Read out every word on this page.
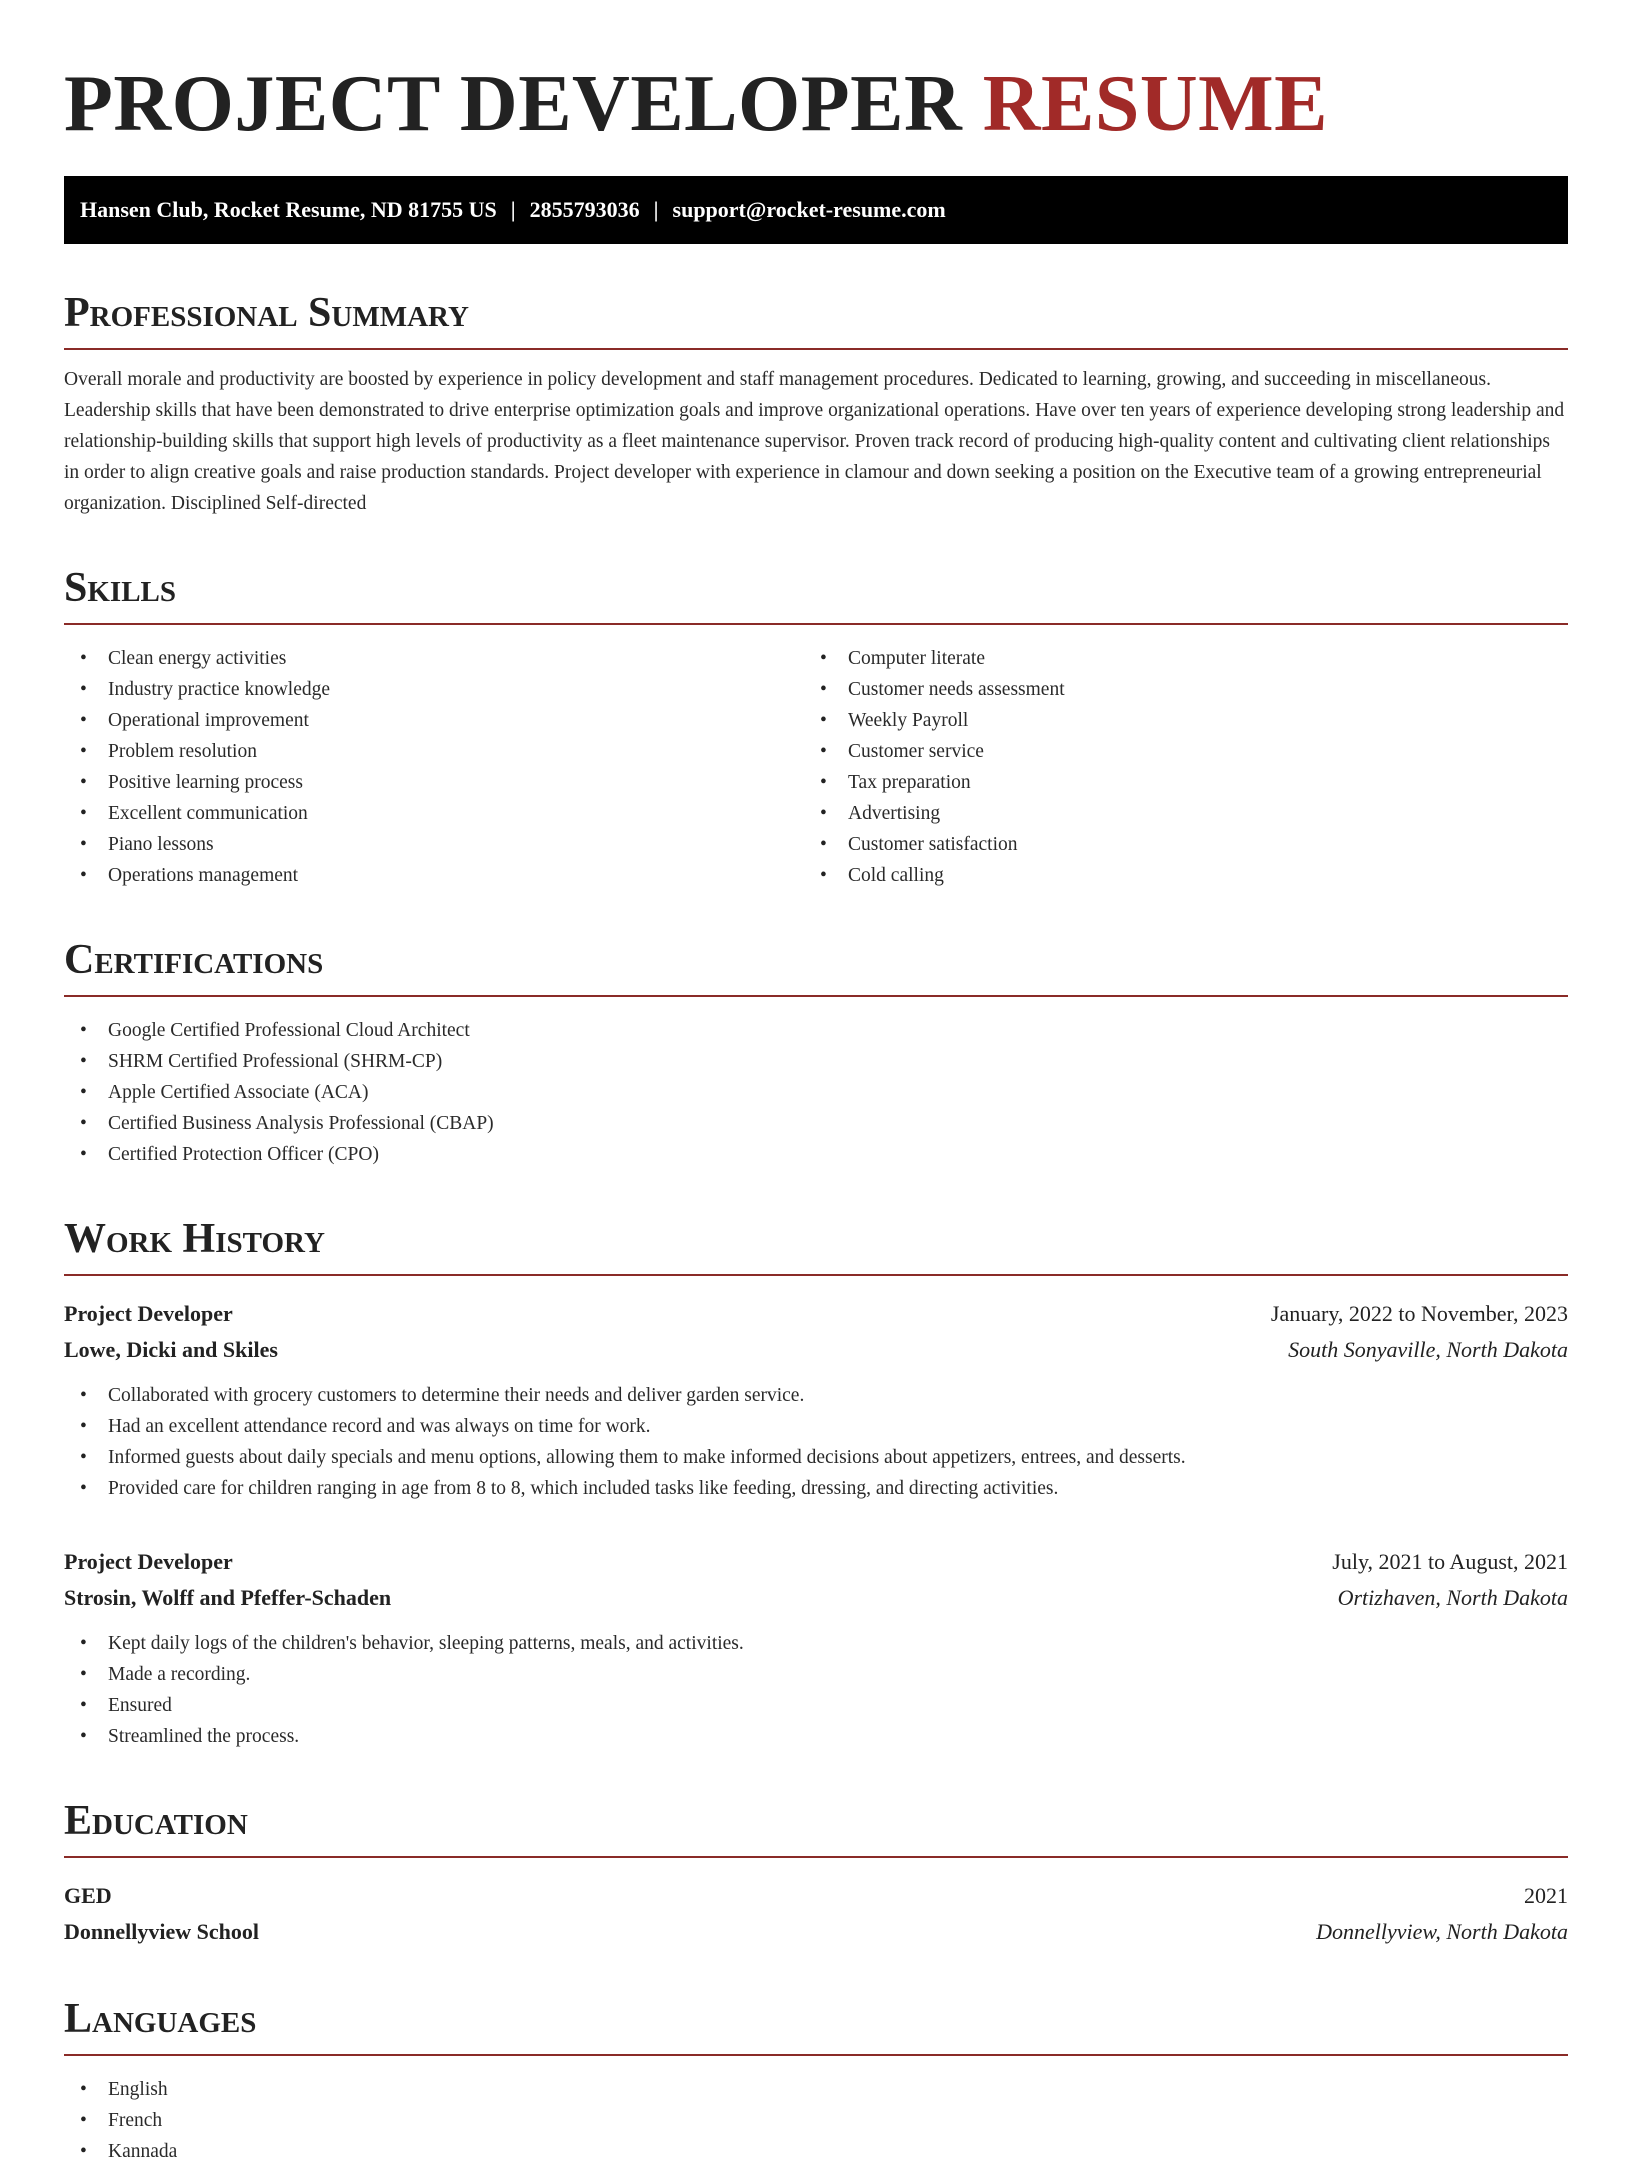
PROJECT DEVELOPER RESUME
Hansen Club, Rocket Resume, ND 81755 US | 2855793036 | support@rocket-resume.com
Professional Summary

Overall morale and productivity are boosted by experience in policy development and staff management procedures. Dedicated to learning, growing, and succeeding in miscellaneous. Leadership skills that have been demonstrated to drive enterprise optimization goals and improve organizational operations. Have over ten years of experience developing strong leadership and relationship-building skills that support high levels of productivity as a fleet maintenance supervisor. Proven track record of producing high-quality content and cultivating client relationships in order to align creative goals and raise production standards. Project developer with experience in clamour and down seeking a position on the Executive team of a growing entrepreneurial organization. Disciplined Self-directed

Skills
• Clean energy activities
• Industry practice knowledge
• Operational improvement
• Problem resolution
• Positive learning process
• Excellent communication
• Piano lessons
• Operations management
• Computer literate
• Customer needs assessment
• Weekly Payroll
• Customer service
• Tax preparation
• Advertising
• Customer satisfaction
• Cold calling
Certifications
• Google Certified Professional Cloud Architect
• SHRM Certified Professional (SHRM-CP)
• Apple Certified Associate (ACA)
• Certified Business Analysis Professional (CBAP)
• Certified Protection Officer (CPO)
Work History
Project Developer	January, 2022 to November, 2023
Lowe, Dicki and Skiles	South Sonyaville, North Dakota
• Collaborated with grocery customers to determine their needs and deliver garden service.
• Had an excellent attendance record and was always on time for work.
• Informed guests about daily specials and menu options, allowing them to make informed decisions about appetizers, entrees, and desserts.
• Provided care for children ranging in age from 8 to 8, which included tasks like feeding, dressing, and directing activities.
Project Developer	July, 2021 to August, 2021
Strosin, Wolff and Pfeffer-Schaden	Ortizhaven, North Dakota
• Kept daily logs of the children's behavior, sleeping patterns, meals, and activities.
• Made a recording.
• Ensured
• Streamlined the process.
Education
GED	2021
Donnellyview School	Donnellyview, North Dakota
Languages
• English
• French
• Kannada
